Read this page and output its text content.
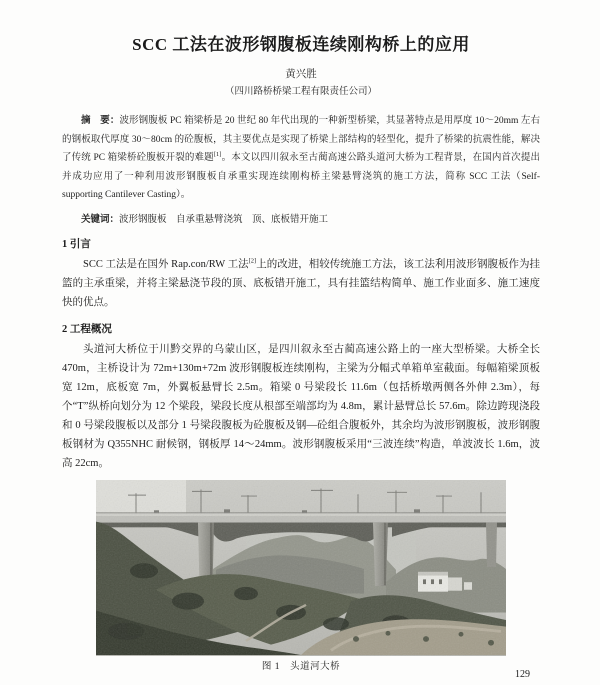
SCC 工法在波形钢腹板连续刚构桥上的应用
黄兴胜
（四川路桥桥梁工程有限责任公司）

摘　要：波形钢腹板 PC 箱梁桥是 20 世纪 80 年代出现的一种新型桥梁，其显著特点是用厚度 10～20mm 左右的钢板取代厚度 30～80cm 的砼腹板，其主要优点是实现了桥梁上部结构的轻型化，提升了桥梁的抗震性能，解决了传统 PC 箱梁桥砼腹板开裂的难题[1]。本文以四川叙永至古蔺高速公路头道河大桥为工程背景，在国内首次提出并成功应用了一种利用波形钢腹板自承重实现连续刚构桥主梁悬臂浇筑的施工方法，简称 SCC 工法（Self-supporting Cantilever Casting）。

关键词：波形钢腹板　自承重悬臂浇筑　顶、底板错开施工

1 引言

SCC 工法是在国外 Rap.con/RW 工法[2]上的改进，相较传统施工方法，该工法利用波形钢腹板作为挂篮的主承重梁，并将主梁悬浇节段的顶、底板错开施工，具有挂篮结构简单、施工作业面多、施工速度快的优点。

2 工程概况

头道河大桥位于川黔交界的乌蒙山区，是四川叙永至古蔺高速公路上的一座大型桥梁。大桥全长 470m，主桥设计为 72m+130m+72m 波形钢腹板连续刚构，主梁为分幅式单箱单室截面。每幅箱梁顶板宽 12m，底板宽 7m，外翼板悬臂长 2.5m。箱梁 0 号梁段长 11.6m（包括桥墩两侧各外伸 2.3m），每个“T”纵桥向划分为 12 个梁段，梁段长度从根部至端部均为 4.8m，累计悬臂总长 57.6m。除边跨现浇段和 0 号梁段腹板以及部分 1 号梁段腹板为砼腹板及钢—砼组合腹板外，其余均为波形钢腹板，波形钢腹板钢材为 Q355NHC 耐候钢，钢板厚 14～24mm。波形钢腹板采用“三波连续”构造，单波波长 1.6m，波高 22cm。

图 1 头道河大桥
129
